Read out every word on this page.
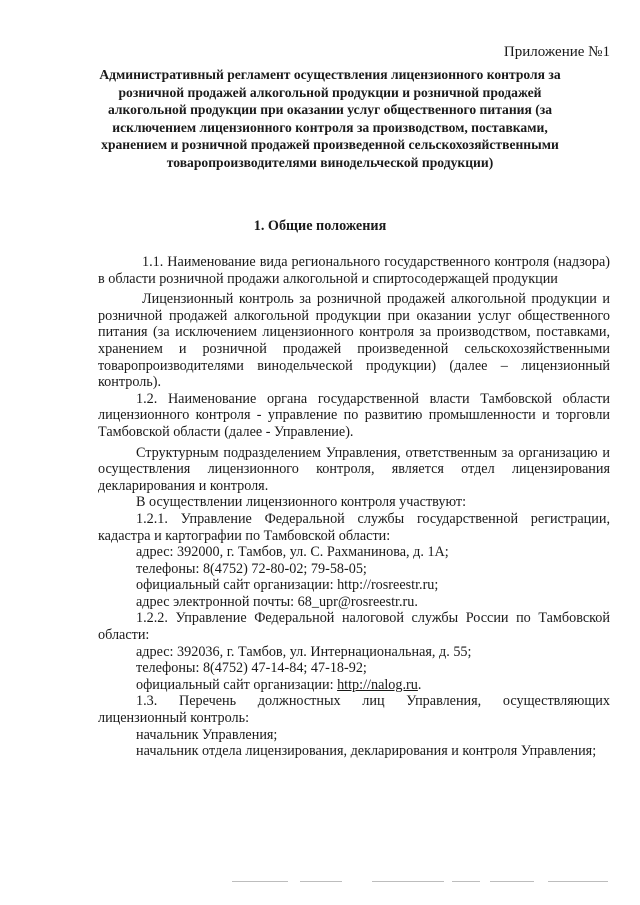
Приложение №1
Административный регламент осуществления лицензионного контроля за розничной продажей алкогольной продукции и розничной продажей алкогольной продукции при оказании услуг общественного питания (за исключением лицензионного контроля за производством, поставками, хранением и розничной продажей произведенной сельскохозяйственными товаропроизводителями винодельческой продукции)
1. Общие положения

1.1. Наименование вида регионального государственного контроля (надзора) в области розничной продажи алкогольной и спиртосодержащей продукции

Лицензионный контроль за розничной продажей алкогольной продукции и розничной продажей алкогольной продукции при оказании услуг общественного питания (за исключением лицензионного контроля за производством, поставками, хранением и розничной продажей произведенной сельскохозяйственными товаропроизводителями винодельческой продукции) (далее – лицензионный контроль).

1.2. Наименование органа государственной власти Тамбовской области лицензионного контроля - управление по развитию промышленности и торговли Тамбовской области (далее - Управление).

Структурным подразделением Управления, ответственным за организацию и осуществления лицензионного контроля, является отдел лицензирования декларирования и контроля.

В осуществлении лицензионного контроля участвуют:

1.2.1. Управление Федеральной службы государственной регистрации, кадастра и картографии по Тамбовской области:

адрес: 392000, г. Тамбов, ул. С. Рахманинова, д. 1А;

телефоны: 8(4752) 72-80-02; 79-58-05;

официальный сайт организации: http://rosreestr.ru;

адрес электронной почты: 68_upr@rosreestr.ru.

1.2.2. Управление Федеральной налоговой службы России по Тамбовской области:

адрес: 392036, г. Тамбов, ул. Интернациональная, д. 55;

телефоны: 8(4752) 47-14-84; 47-18-92;

официальный сайт организации: http://nalog.ru.

1.3. Перечень должностных лиц Управления, осуществляющих лицензионный контроль:

начальник Управления;

начальник отдела лицензирования, декларирования и контроля Управления;
